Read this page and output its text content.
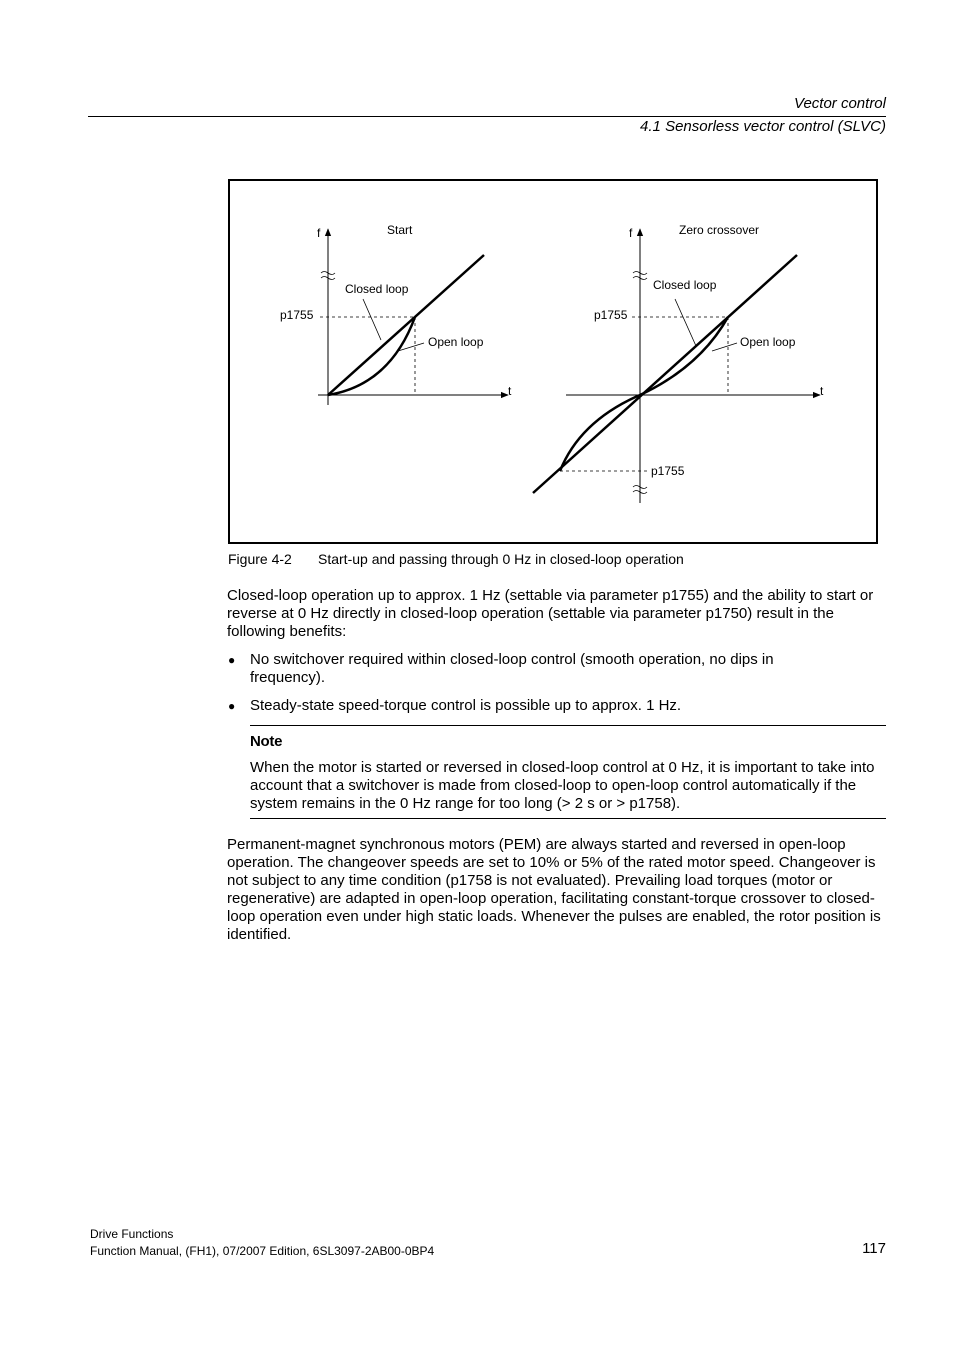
Vector control
4.1 Sensorless vector control (SLVC)
f
t
Start
Closed loop
Open loop
p1755
f
t
Zero crossover
Closed loop
Open loop
p1755
p1755
Figure 4-2 Start-up and passing through 0 Hz in closed-loop operation
Closed-loop operation up to approx. 1 Hz (settable via parameter p1755) and the ability to start or reverse at 0 Hz directly in closed-loop operation (settable via parameter p1750) result in the following benefits:
● No switchover required within closed-loop control (smooth operation, no dips in frequency).
● Steady-state speed-torque control is possible up to approx. 1 Hz.
Note
When the motor is started or reversed in closed-loop control at 0 Hz, it is important to take into account that a switchover is made from closed-loop to open-loop control automatically if the system remains in the 0 Hz range for too long (> 2 s or > p1758).
Permanent-magnet synchronous motors (PEM) are always started and reversed in open-loop operation. The changeover speeds are set to 10% or 5% of the rated motor speed. Changeover is not subject to any time condition (p1758 is not evaluated). Prevailing load torques (motor or regenerative) are adapted in open-loop operation, facilitating constant-torque crossover to closed-loop operation even under high static loads. Whenever the pulses are enabled, the rotor position is identified.
Drive Functions
Function Manual, (FH1), 07/2007 Edition, 6SL3097-2AB00-0BP4	117
